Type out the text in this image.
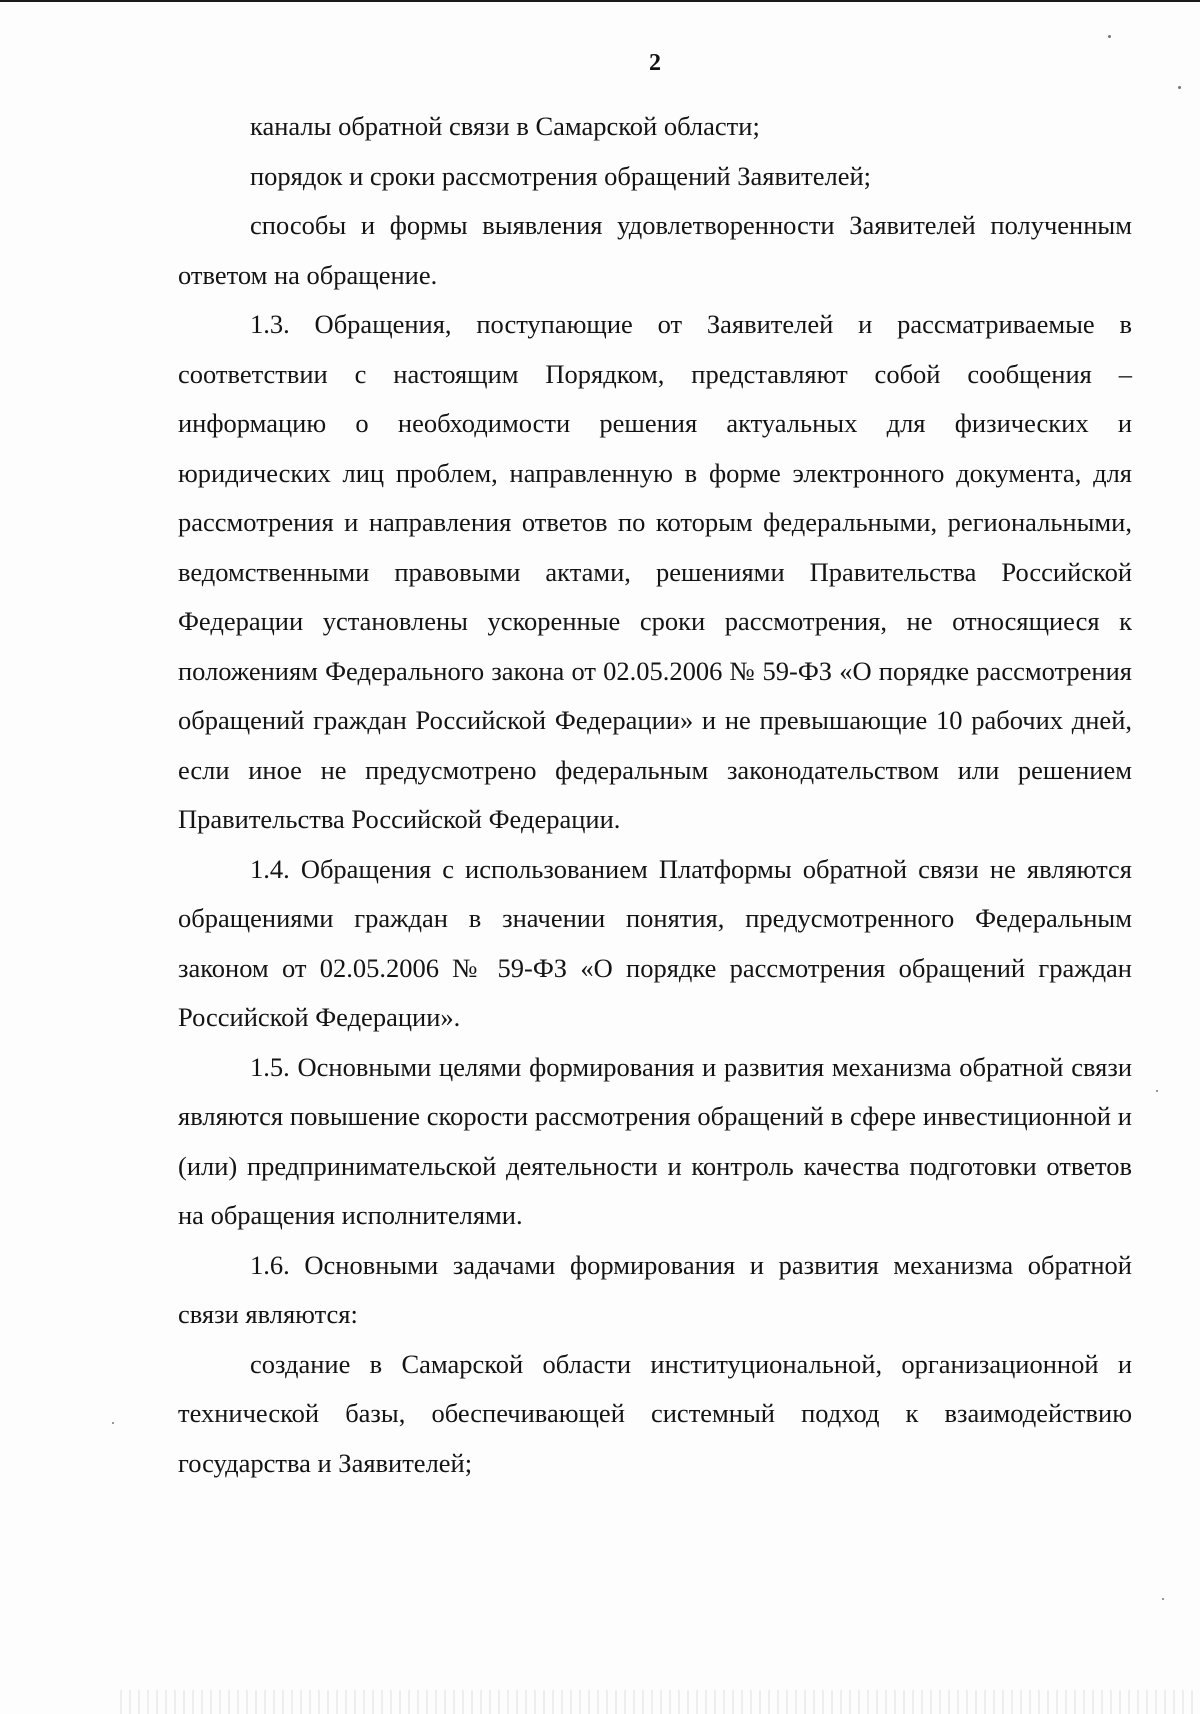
2

каналы обратной связи в Самарской области;

порядок и сроки рассмотрения обращений Заявителей;

способы и формы выявления удовлетворенности Заявителей полученным ответом на обращение.

1.3. Обращения, поступающие от Заявителей и рассматриваемые в соответствии с настоящим Порядком, представляют собой сообщения – информацию о необходимости решения актуальных для физических и юридических лиц проблем, направленную в форме электронного документа, для рассмотрения и направления ответов по которым федеральными, региональными, ведомственными правовыми актами, решениями Правительства Российской Федерации установлены ускоренные сроки рассмотрения, не относящиеся к положениям Федерального закона от 02.05.2006 № 59-ФЗ «О порядке рассмотрения обращений граждан Российской Федерации» и не превышающие 10 рабочих дней, если иное не предусмотрено федеральным законодательством или решением Правительства Российской Федерации.

1.4. Обращения с использованием Платформы обратной связи не являются обращениями граждан в значении понятия, предусмотренного Федеральным законом от 02.05.2006 № 59-ФЗ «О порядке рассмотрения обращений граждан Российской Федерации».

1.5. Основными целями формирования и развития механизма обратной связи являются повышение скорости рассмотрения обращений в сфере инвестиционной и (или) предпринимательской деятельности и контроль качества подготовки ответов на обращения исполнителями.

1.6. Основными задачами формирования и развития механизма обратной связи являются:

создание в Самарской области институциональной, организационной и технической базы, обеспечивающей системный подход к взаимодействию государства и Заявителей;
